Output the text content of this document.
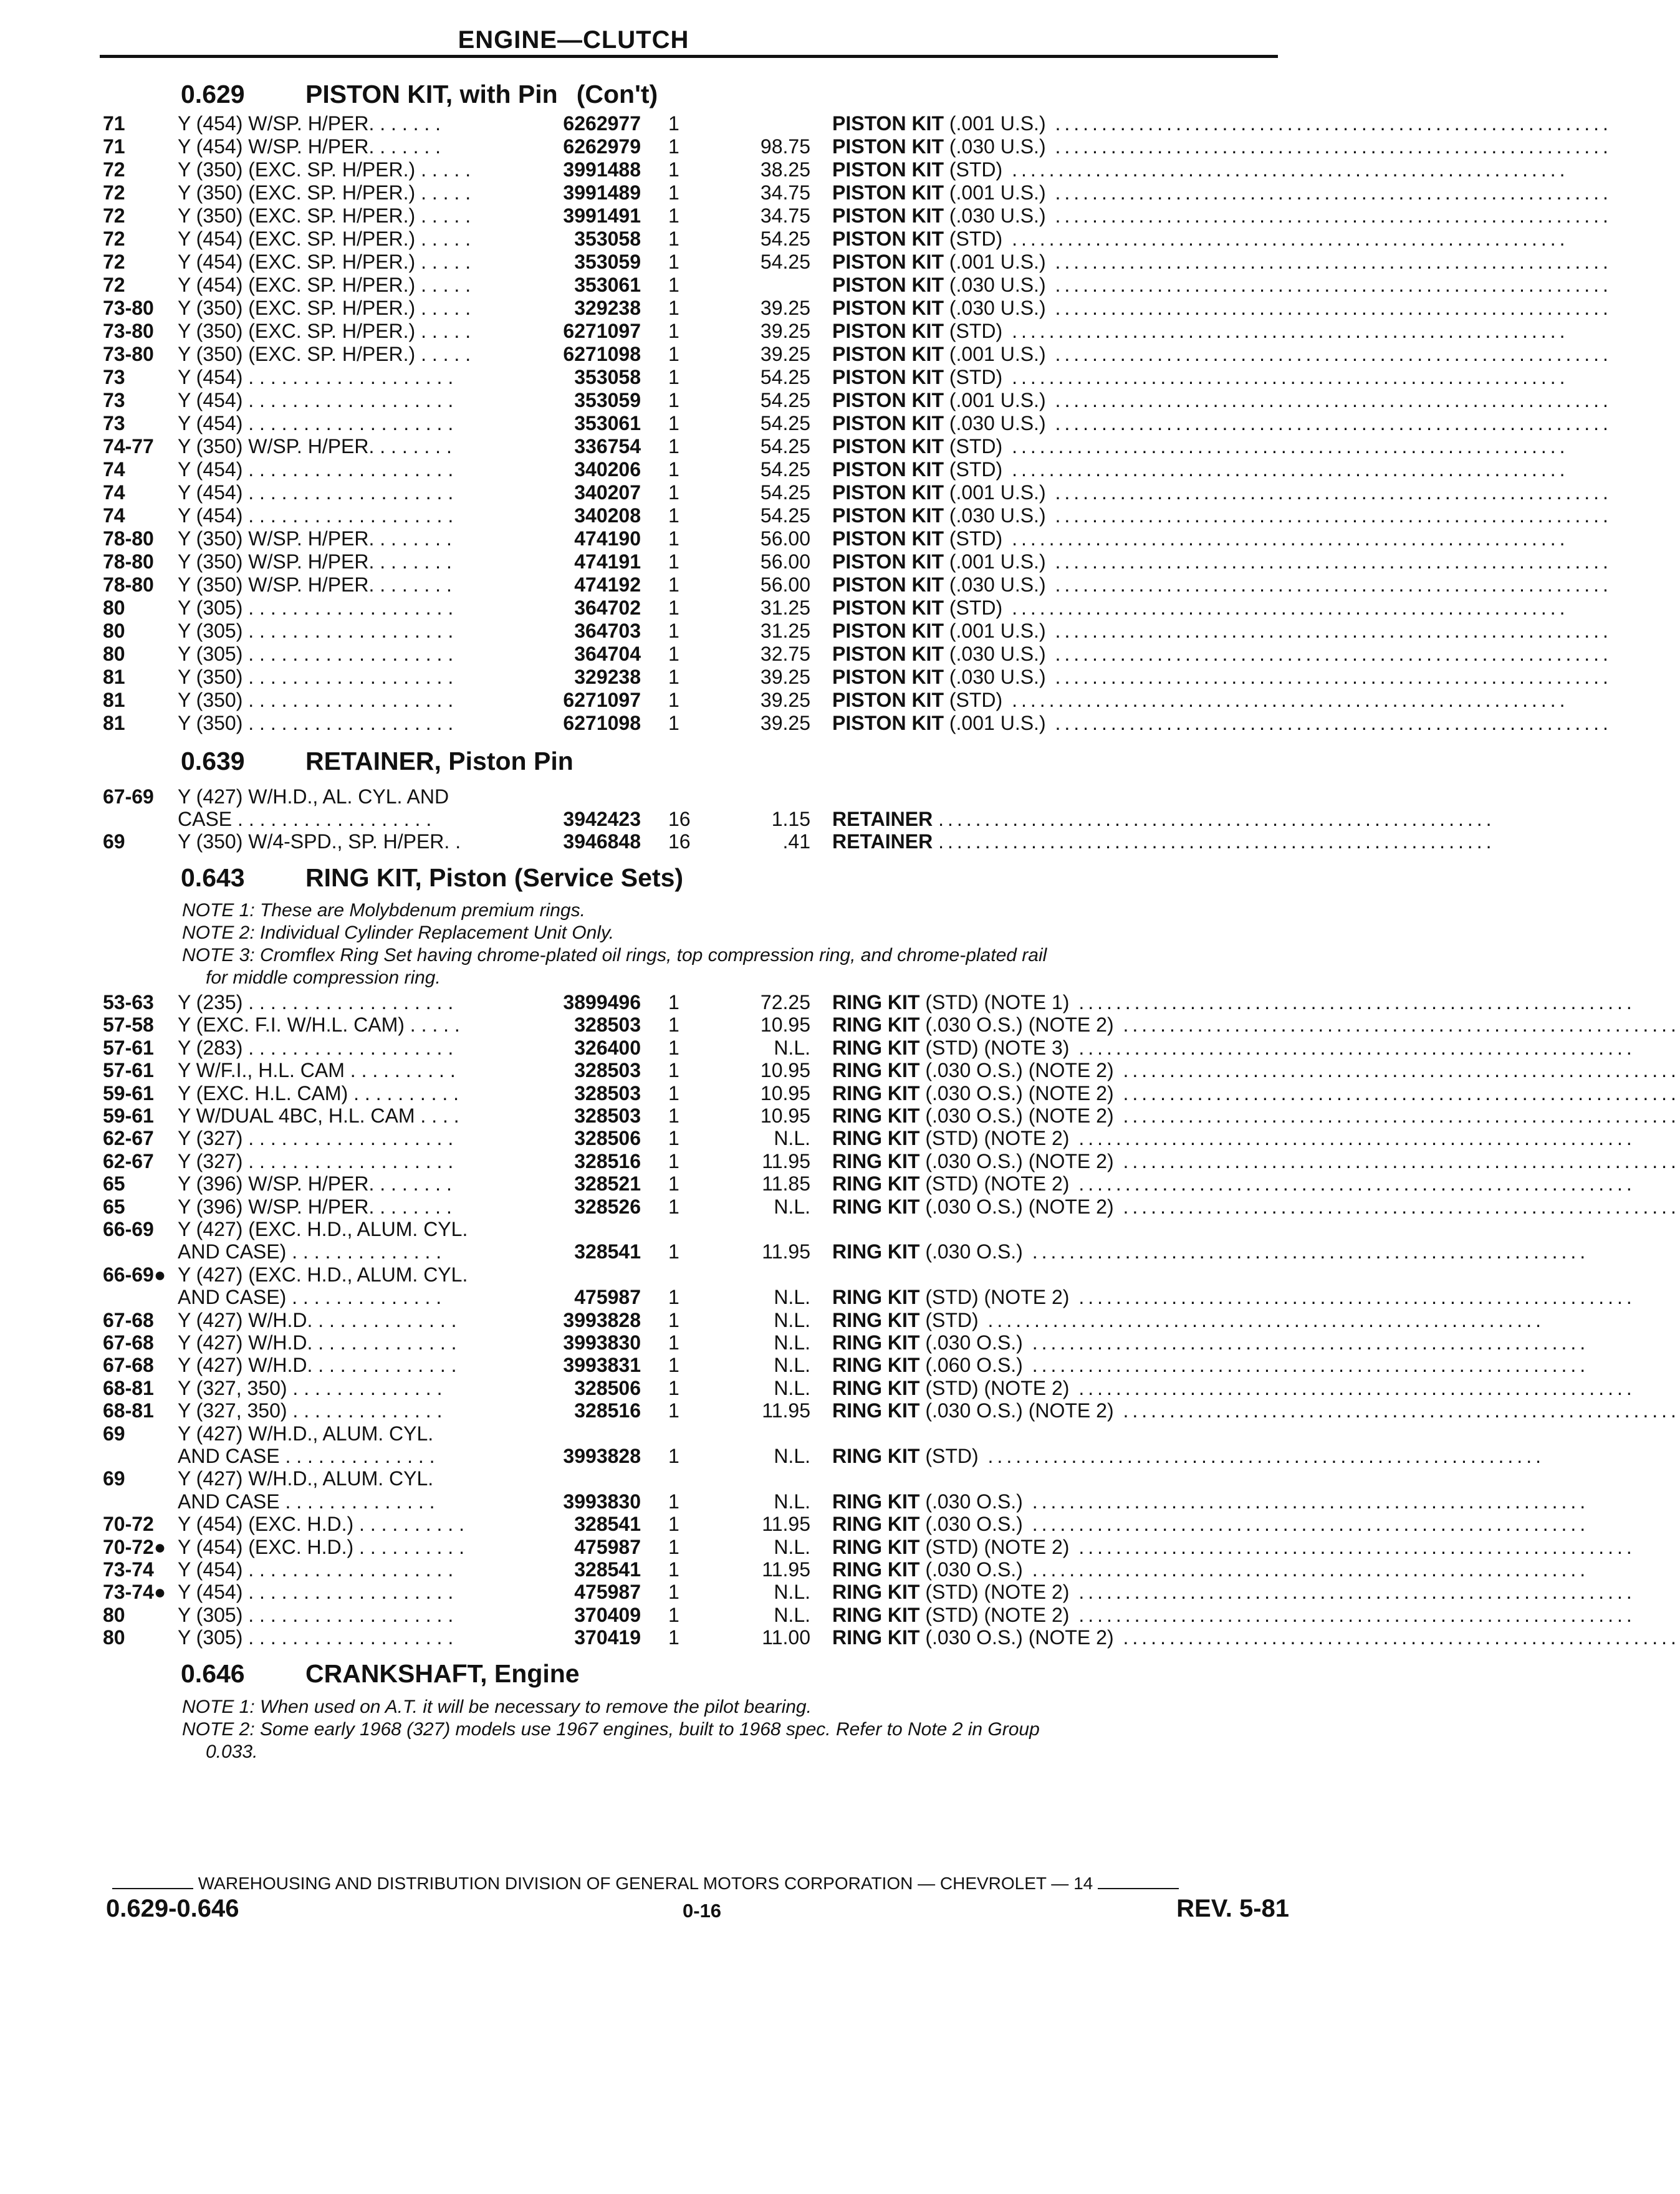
ENGINE—CLUTCH
0.629 PISTON KIT, with Pin (Con't)
71	Y (454) W/SP. H/PER. . . . . . .	6262977 1	PISTON KIT (.001 U.S.) ............................................................
71	Y (454) W/SP. H/PER. . . . . . .	6262979 1	98.75 PISTON KIT (.030 U.S.) ............................................................
72	Y (350) (EXC. SP. H/PER.) . . . . .	3991488 1	38.25 PISTON KIT (STD) ............................................................
72	Y (350) (EXC. SP. H/PER.) . . . . .	3991489 1	34.75 PISTON KIT (.001 U.S.) ............................................................
72	Y (350) (EXC. SP. H/PER.) . . . . .	3991491 1	34.75 PISTON KIT (.030 U.S.) ............................................................
72	Y (454) (EXC. SP. H/PER.) . . . . .	353058 1	54.25 PISTON KIT (STD) ............................................................
72	Y (454) (EXC. SP. H/PER.) . . . . .	353059 1	54.25 PISTON KIT (.001 U.S.) ............................................................
72	Y (454) (EXC. SP. H/PER.) . . . . .	353061 1	PISTON KIT (.030 U.S.) ............................................................
73-80 Y (350) (EXC. SP. H/PER.) . . . . .	329238 1	39.25 PISTON KIT (.030 U.S.) ............................................................
73-80 Y (350) (EXC. SP. H/PER.) . . . . .	6271097 1	39.25 PISTON KIT (STD) ............................................................
73-80 Y (350) (EXC. SP. H/PER.) . . . . .	6271098 1	39.25 PISTON KIT (.001 U.S.) ............................................................
73	Y (454) . . . . . . . . . . . . . . . . . . .	353058 1	54.25 PISTON KIT (STD) ............................................................
73	Y (454) . . . . . . . . . . . . . . . . . . .	353059 1	54.25 PISTON KIT (.001 U.S.) ............................................................
73	Y (454) . . . . . . . . . . . . . . . . . . .	353061 1	54.25 PISTON KIT (.030 U.S.) ............................................................
74-77 Y (350) W/SP. H/PER. . . . . . . .	336754 1	54.25 PISTON KIT (STD) ............................................................
74	Y (454) . . . . . . . . . . . . . . . . . . .	340206 1	54.25 PISTON KIT (STD) ............................................................
74	Y (454) . . . . . . . . . . . . . . . . . . .	340207 1	54.25 PISTON KIT (.001 U.S.) ............................................................
74	Y (454) . . . . . . . . . . . . . . . . . . .	340208 1	54.25 PISTON KIT (.030 U.S.) ............................................................
78-80 Y (350) W/SP. H/PER. . . . . . . .	474190 1	56.00 PISTON KIT (STD) ............................................................
78-80 Y (350) W/SP. H/PER. . . . . . . .	474191 1	56.00 PISTON KIT (.001 U.S.) ............................................................
78-80 Y (350) W/SP. H/PER. . . . . . . .	474192 1	56.00 PISTON KIT (.030 U.S.) ............................................................
80	Y (305) . . . . . . . . . . . . . . . . . . .	364702 1	31.25 PISTON KIT (STD) ............................................................
80	Y (305) . . . . . . . . . . . . . . . . . . .	364703 1	31.25 PISTON KIT (.001 U.S.) ............................................................
80	Y (305) . . . . . . . . . . . . . . . . . . .	364704 1	32.75 PISTON KIT (.030 U.S.) ............................................................
81	Y (350) . . . . . . . . . . . . . . . . . . .	329238 1	39.25 PISTON KIT (.030 U.S.) ............................................................
81	Y (350) . . . . . . . . . . . . . . . . . . .	6271097 1	39.25 PISTON KIT (STD) ............................................................
81	Y (350) . . . . . . . . . . . . . . . . . . .	6271098 1	39.25 PISTON KIT (.001 U.S.) ............................................................
0.639 RETAINER, Piston Pin
67-69 Y (427) W/H.D., AL. CYL. AND
CASE . . . . . . . . . . . . . . . . . .	3942423 16	1.15 RETAINER ............................................................
69	Y (350) W/4-SPD., SP. H/PER. .	3946848 16	.41 RETAINER ............................................................
0.643 RING KIT, Piston (Service Sets)
NOTE 1: These are Molybdenum premium rings.
NOTE 2: Individual Cylinder Replacement Unit Only.
NOTE 3: Cromflex Ring Set having chrome-plated oil rings, top compression ring, and chrome-plated rail
for middle compression ring.
53-63 Y (235) . . . . . . . . . . . . . . . . . . .	3899496 1	72.25 RING KIT (STD) (NOTE 1) ............................................................
57-58 Y (EXC. F.I. W/H.L. CAM) . . . . .	328503 1	10.95 RING KIT (.030 O.S.) (NOTE 2) ............................................................
57-61 Y (283) . . . . . . . . . . . . . . . . . . .	326400 1	N.L. RING KIT (STD) (NOTE 3) ............................................................
57-61 Y W/F.I., H.L. CAM . . . . . . . . . .	328503 1	10.95 RING KIT (.030 O.S.) (NOTE 2) ............................................................
59-61 Y (EXC. H.L. CAM) . . . . . . . . . .	328503 1	10.95 RING KIT (.030 O.S.) (NOTE 2) ............................................................
59-61 Y W/DUAL 4BC, H.L. CAM . . . .	328503 1	10.95 RING KIT (.030 O.S.) (NOTE 2) ............................................................
62-67 Y (327) . . . . . . . . . . . . . . . . . . .	328506 1	N.L. RING KIT (STD) (NOTE 2) ............................................................
62-67 Y (327) . . . . . . . . . . . . . . . . . . .	328516 1	11.95 RING KIT (.030 O.S.) (NOTE 2) ............................................................
65	Y (396) W/SP. H/PER. . . . . . . .	328521 1	11.85 RING KIT (STD) (NOTE 2) ............................................................
65	Y (396) W/SP. H/PER. . . . . . . .	328526 1	N.L. RING KIT (.030 O.S.) (NOTE 2) ............................................................
66-69 Y (427) (EXC. H.D., ALUM. CYL.
AND CASE) . . . . . . . . . . . . . .	328541 1	11.95 RING KIT (.030 O.S.) ............................................................
66-69● Y (427) (EXC. H.D., ALUM. CYL.
AND CASE) . . . . . . . . . . . . . .	475987 1	N.L. RING KIT (STD) (NOTE 2) ............................................................
67-68 Y (427) W/H.D. . . . . . . . . . . . . .	3993828 1	N.L. RING KIT (STD) ............................................................
67-68 Y (427) W/H.D. . . . . . . . . . . . . .	3993830 1	N.L. RING KIT (.030 O.S.) ............................................................
67-68 Y (427) W/H.D. . . . . . . . . . . . . .	3993831 1	N.L. RING KIT (.060 O.S.) ............................................................
68-81 Y (327, 350) . . . . . . . . . . . . . .	328506 1	N.L. RING KIT (STD) (NOTE 2) ............................................................
68-81 Y (327, 350) . . . . . . . . . . . . . .	328516 1	11.95 RING KIT (.030 O.S.) (NOTE 2) ............................................................
69	Y (427) W/H.D., ALUM. CYL.
AND CASE . . . . . . . . . . . . . .	3993828 1	N.L. RING KIT (STD) ............................................................
69	Y (427) W/H.D., ALUM. CYL.
AND CASE . . . . . . . . . . . . . .	3993830 1	N.L. RING KIT (.030 O.S.) ............................................................
70-72 Y (454) (EXC. H.D.) . . . . . . . . . .	328541 1	11.95 RING KIT (.030 O.S.) ............................................................
70-72● Y (454) (EXC. H.D.) . . . . . . . . . .	475987 1	N.L. RING KIT (STD) (NOTE 2) ............................................................
73-74 Y (454) . . . . . . . . . . . . . . . . . . .	328541 1	11.95 RING KIT (.030 O.S.) ............................................................
73-74● Y (454) . . . . . . . . . . . . . . . . . . .	475987 1	N.L. RING KIT (STD) (NOTE 2) ............................................................
80	Y (305) . . . . . . . . . . . . . . . . . . .	370409 1	N.L. RING KIT (STD) (NOTE 2) ............................................................
80	Y (305) . . . . . . . . . . . . . . . . . . .	370419 1	11.00 RING KIT (.030 O.S.) (NOTE 2) ............................................................
0.646 CRANKSHAFT, Engine
NOTE 1: When used on A.T. it will be necessary to remove the pilot bearing.
NOTE 2: Some early 1968 (327) models use 1967 engines, built to 1968 spec. Refer to Note 2 in Group
0.033.
WAREHOUSING AND DISTRIBUTION DIVISION OF GENERAL MOTORS CORPORATION — CHEVROLET — 14
0.629-0.646	0-16	REV. 5-81
